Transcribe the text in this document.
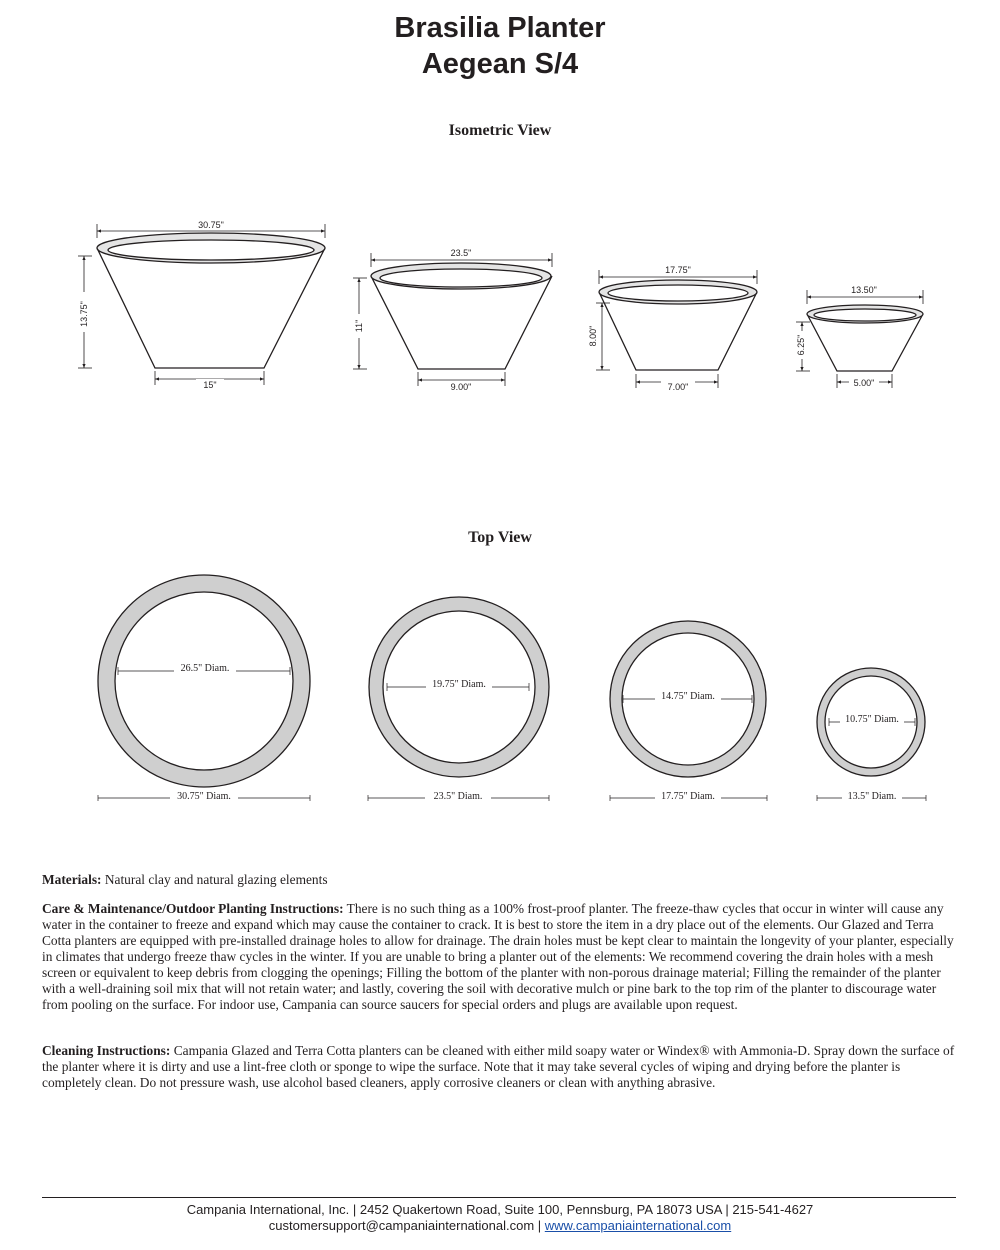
Brasilia Planter
Aegean S/4
Isometric View
Top View
30.75"
13.75"
15"
23.5"
11"
9.00"
17.75"
8.00"
7.00"
13.50"
6.25"
5.00"
26.5" Diam.
30.75" Diam.
19.75" Diam.
23.5" Diam.
14.75" Diam.
17.75" Diam.
10.75" Diam.
13.5" Diam.

Materials: Natural clay and natural glazing elements

Care & Maintenance/Outdoor Planting Instructions: There is no such thing as a 100% frost-proof planter. The freeze-thaw cycles that occur in winter will cause any water in the container to freeze and expand which may cause the container to crack. It is best to store the item in a dry place out of the elements. Our Glazed and Terra Cotta planters are equipped with pre-installed drainage holes to allow for drainage. The drain holes must be kept clear to maintain the longevity of your planter, especially in climates that undergo freeze thaw cycles in the winter. If you are unable to bring a planter out of the elements: We recommend covering the drain holes with a mesh screen or equivalent to keep debris from clogging the openings; Filling the bottom of the planter with non-porous drainage material; Filling the remainder of the planter with a well-draining soil mix that will not retain water; and lastly, covering the soil with decorative mulch or pine bark to the top rim of the planter to discourage water from pooling on the surface. For indoor use, Campania can source saucers for special orders and plugs are available upon request.

Cleaning Instructions: Campania Glazed and Terra Cotta planters can be cleaned with either mild soapy water or Windex® with Ammonia-D. Spray down the surface of the planter where it is dirty and use a lint-free cloth or sponge to wipe the surface. Note that it may take several cycles of wiping and drying before the planter is completely clean. Do not pressure wash, use alcohol based cleaners, apply corrosive cleaners or clean with anything abrasive.

Campania International, Inc. | 2452 Quakertown Road, Suite 100, Pennsburg, PA 18073 USA | 215-541-4627
customersupport@campaniainternational.com | www.campaniainternational.com
